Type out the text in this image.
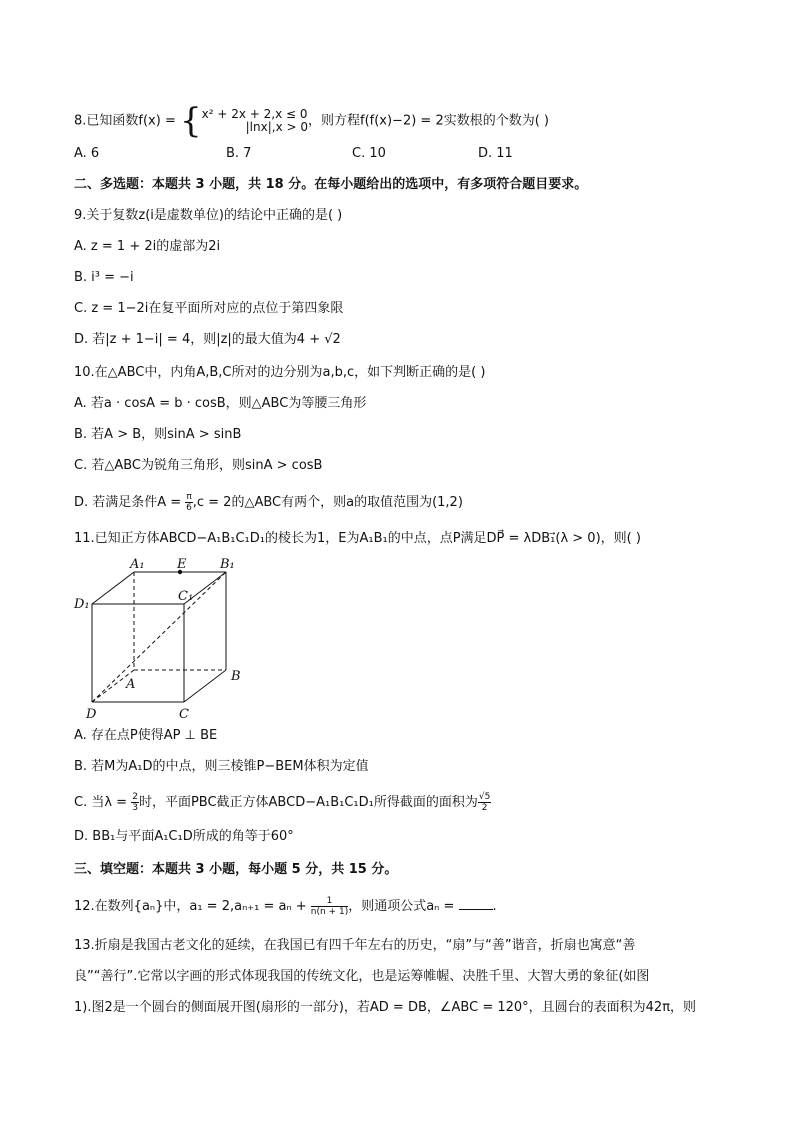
8.已知函数f(x) = { x² + 2x + 2,x ≤ 0
|lnx|,x > 0 ，则方程f(f(x)−2) = 2实数根的个数为( )
A. 6	B. 7	C. 10	D. 11
二、多选题：本题共 3 小题，共 18 分。在每小题给出的选项中，有多项符合题目要求。
9.关于复数z(i是虚数单位)的结论中正确的是( )
A. z = 1 + 2i的虚部为2i
B. i³ = −i
C. z = 1−2i在复平面所对应的点位于第四象限
D. 若|z + 1−i| = 4，则|z|的最大值为4 + √2
10.在△ABC中，内角A,B,C所对的边分别为a,b,c，如下判断正确的是( )
A. 若a · cosA = b · cosB，则△ABC为等腰三角形
B. 若A > B，则sinA > sinB
C. 若△ABC为锐角三角形，则sinA > cosB
D. 若满足条件$A = \frac{\pi}{6} ,c = 2$的△ABC有两个，则a的取值范围为(1,2)
11.已知正方体ABCD−A₁B₁C₁D₁的棱长为1，E为A₁B₁的中点，点P满足DP⃗ = λDB₁⃗(λ > 0)，则( )
A₁ E	B₁
D₁
C₁
A
B
D	C
A. 存在点P使得AP ⊥ BE
B. 若M为A₁D的中点，则三棱锥P−BEM体积为定值
C. 当$\lambda = \frac{2}{3}$ 时，平面PBC截正方体ABCD−A₁B₁C₁D₁所得截面的面积为 $\frac{√5}{2}$
D. BB₁与平面A₁C₁D所成的角等于60°
三、填空题：本题共 3 小题，每小题 5 分，共 15 分。
12.在数列{aₙ}中，$a_1 = 2,a_{n+1} = a_n + \frac{1}{n(n + 1)}$ ，则通项公式aₙ =	.
13.折扇是我国古老文化的延续，在我国已有四千年左右的历史，“扇”与“善”谐音，折扇也寓意“善
良”“善行”.它常以字画的形式体现我国的传统文化，也是运筹帷幄、决胜千里、大智大勇的象征(如图
1).图2是一个圆台的侧面展开图(扇形的一部分)，若AD = DB，∠ABC = 120°，且圆台的表面积为42π，则
